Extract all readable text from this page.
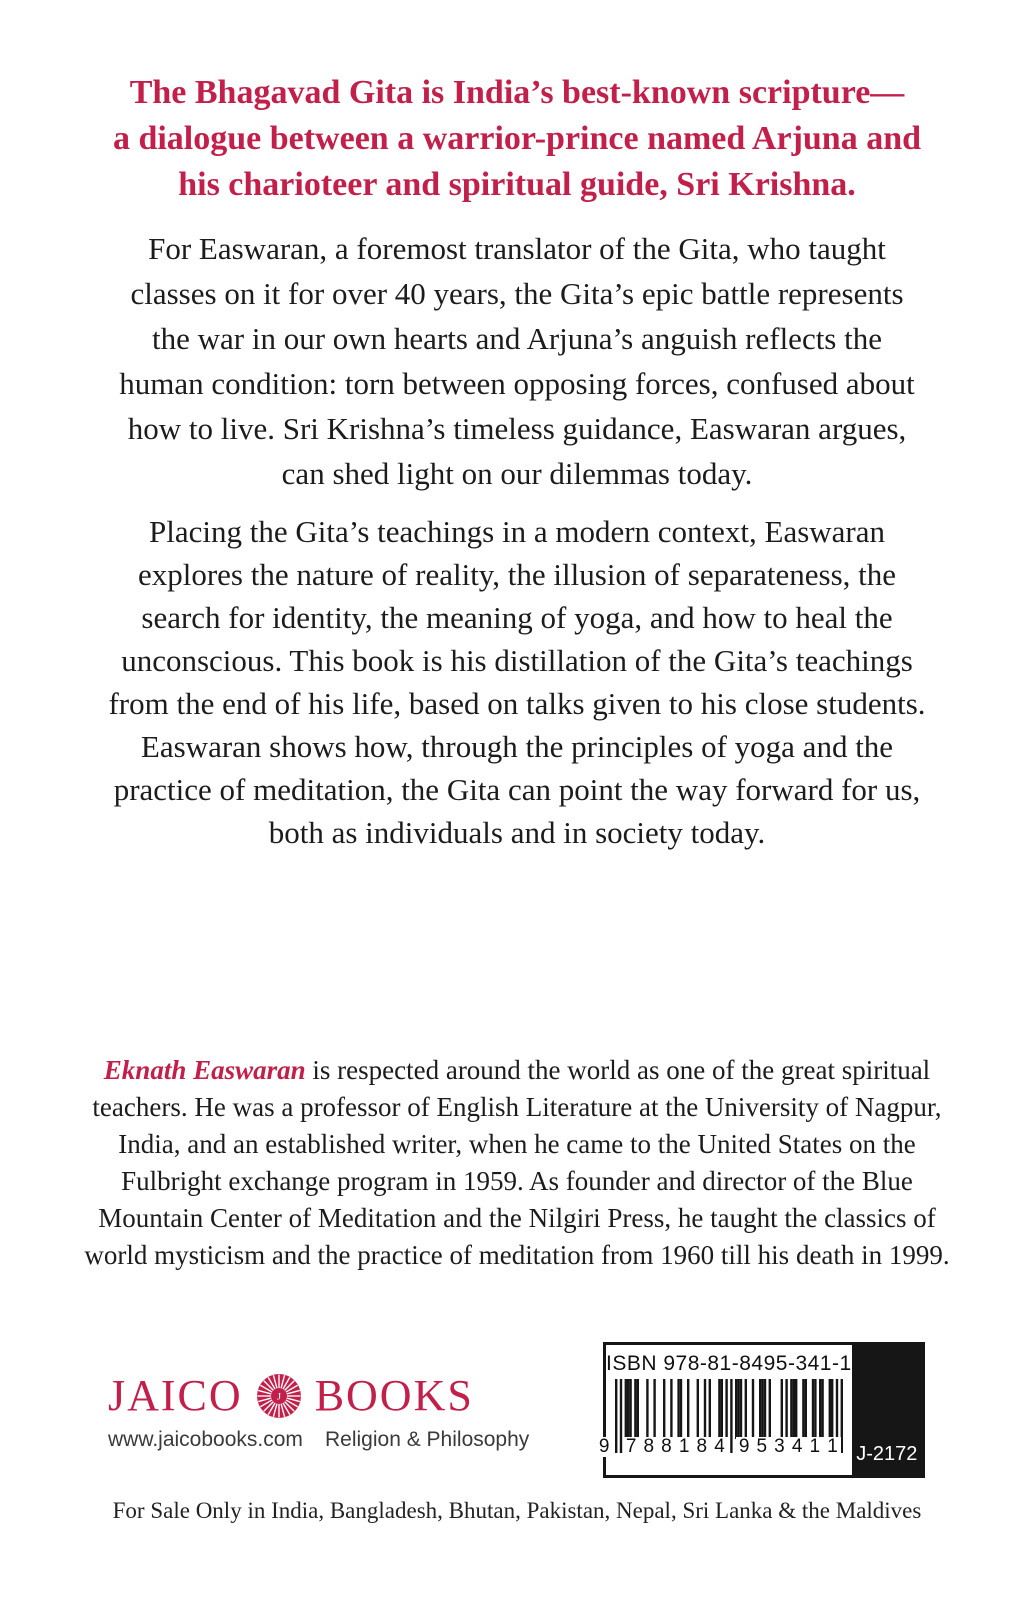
The Bhagavad Gita is India’s best-known scripture—
a dialogue between a warrior-prince named Arjuna and
his charioteer and spiritual guide, Sri Krishna.
For Easwaran, a foremost translator of the Gita, who taught
classes on it for over 40 years, the Gita’s epic battle represents
the war in our own hearts and Arjuna’s anguish reflects the
human condition: torn between opposing forces, confused about
how to live. Sri Krishna’s timeless guidance, Easwaran argues,
can shed light on our dilemmas today.
Placing the Gita’s teachings in a modern context, Easwaran
explores the nature of reality, the illusion of separateness, the
search for identity, the meaning of yoga, and how to heal the
unconscious. This book is his distillation of the Gita’s teachings
from the end of his life, based on talks given to his close students.
Easwaran shows how, through the principles of yoga and the
practice of meditation, the Gita can point the way forward for us,
both as individuals and in society today.
Eknath Easwaran is respected around the world as one of the great spiritual
teachers. He was a professor of English Literature at the University of Nagpur,
India, and an established writer, when he came to the United States on the
Fulbright exchange program in 1959. As founder and director of the Blue
Mountain Center of Meditation and the Nilgiri Press, he taught the classics of
world mysticism and the practice of meditation from 1960 till his death in 1999.
JAICO	J BOOKS
www.jaicobooks.com	Religion & Philosophy
ISBN 978-81-8495-341-1
9 7 8 8 1 8 4 9 5 3 4 1 1 J-2172
For Sale Only in India, Bangladesh, Bhutan, Pakistan, Nepal, Sri Lanka & the Maldives
